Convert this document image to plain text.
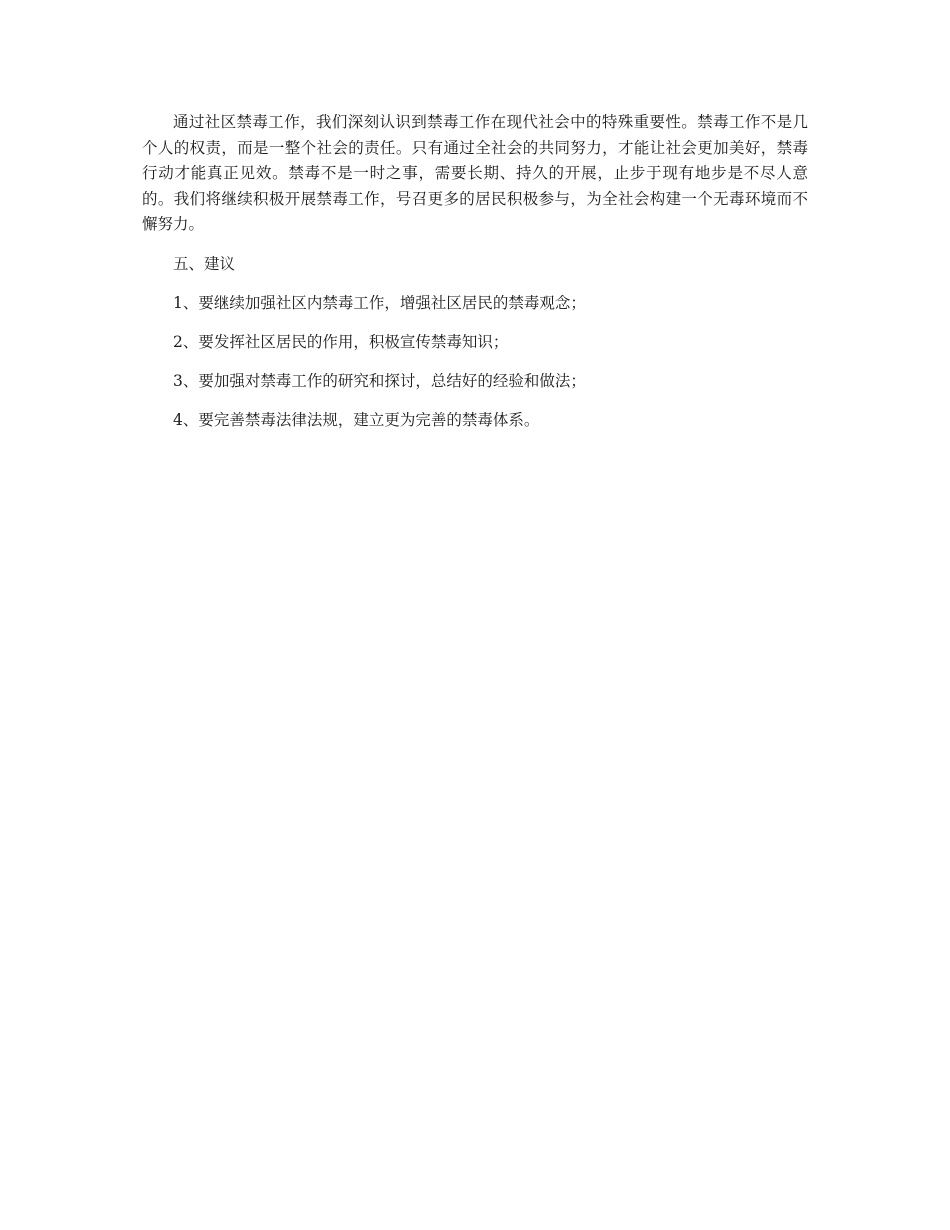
通过社区禁毒工作，我们深刻认识到禁毒工作在现代社会中的特殊重要性。禁毒工作不是几个人的权责，而是一整个社会的责任。只有通过全社会的共同努力，才能让社会更加美好，禁毒行动才能真正见效。禁毒不是一时之事，需要长期、持久的开展，止步于现有地步是不尽人意的。我们将继续积极开展禁毒工作，号召更多的居民积极参与，为全社会构建一个无毒环境而不懈努力。

五、建议

1、要继续加强社区内禁毒工作，增强社区居民的禁毒观念；
2、要发挥社区居民的作用，积极宣传禁毒知识；
3、要加强对禁毒工作的研究和探讨，总结好的经验和做法；
4、要完善禁毒法律法规，建立更为完善的禁毒体系。
